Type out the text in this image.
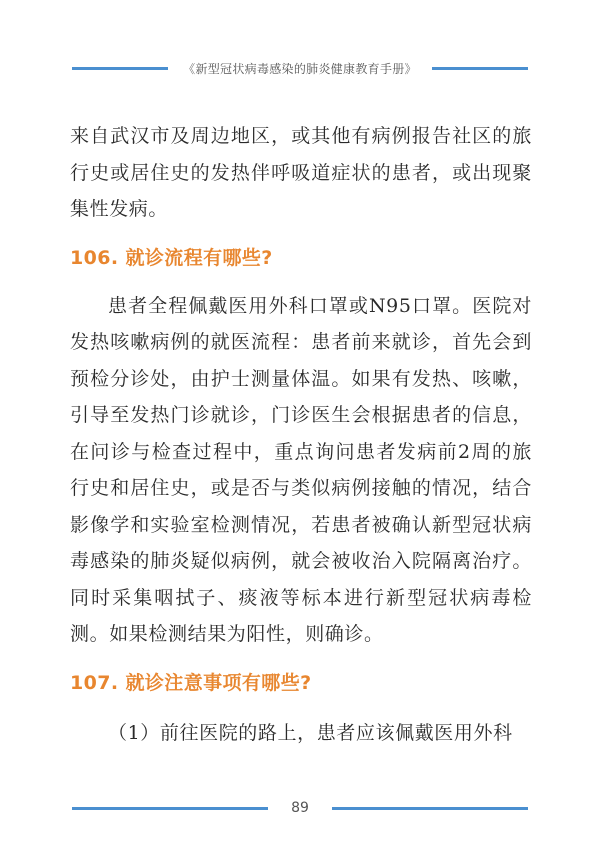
《新型冠状病毒感染的肺炎健康教育手册》

来自武汉市及周边地区，或其他有病例报告社区的旅行史或居住史的发热伴呼吸道症状的患者，或出现聚集性发病。

106. 就诊流程有哪些?

患者全程佩戴医用外科口罩或N95口罩。医院对发热咳嗽病例的就医流程：患者前来就诊，首先会到预检分诊处，由护士测量体温。如果有发热、咳嗽，引导至发热门诊就诊，门诊医生会根据患者的信息，在问诊与检查过程中，重点询问患者发病前2周的旅行史和居住史，或是否与类似病例接触的情况，结合影像学和实验室检测情况，若患者被确认新型冠状病毒感染的肺炎疑似病例，就会被收治入院隔离治疗。同时采集咽拭子、痰液等标本进行新型冠状病毒检测。如果检测结果为阳性，则确诊。

107. 就诊注意事项有哪些?

（1）前往医院的路上，患者应该佩戴医用外科

89
